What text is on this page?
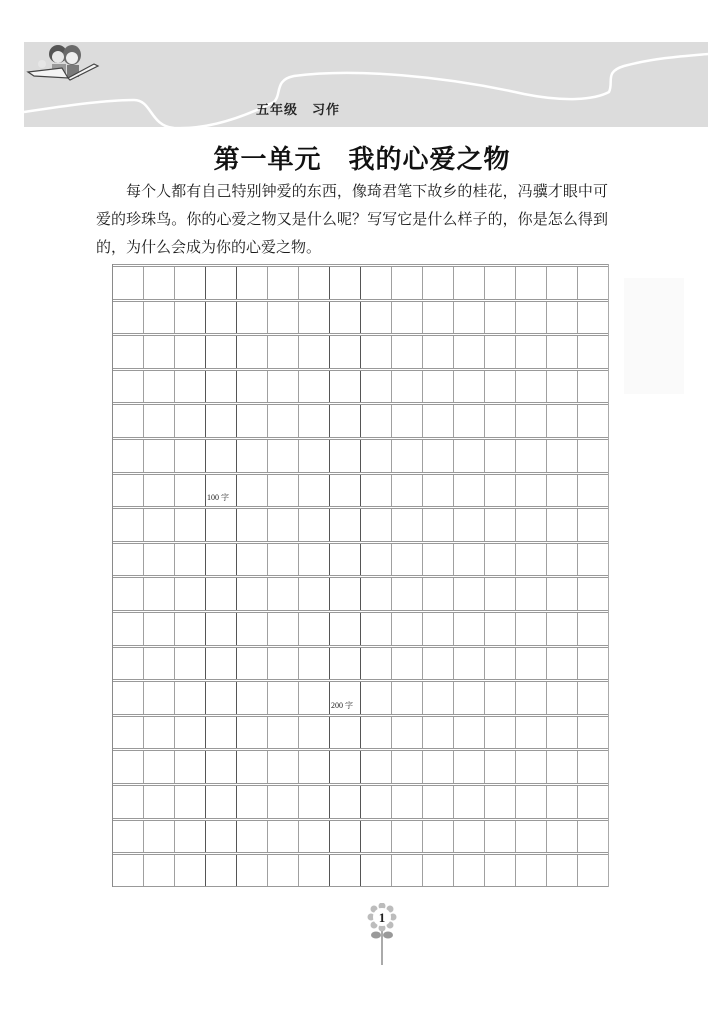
五年级　习作
第一单元　我的心爱之物

每个人都有自己特别钟爱的东西，像琦君笔下故乡的桂花，冯骥才眼中可爱的珍珠鸟。你的心爱之物又是什么呢？写写它是什么样子的，你是怎么得到的，为什么会成为你的心爱之物。

100 字
200 字
1
